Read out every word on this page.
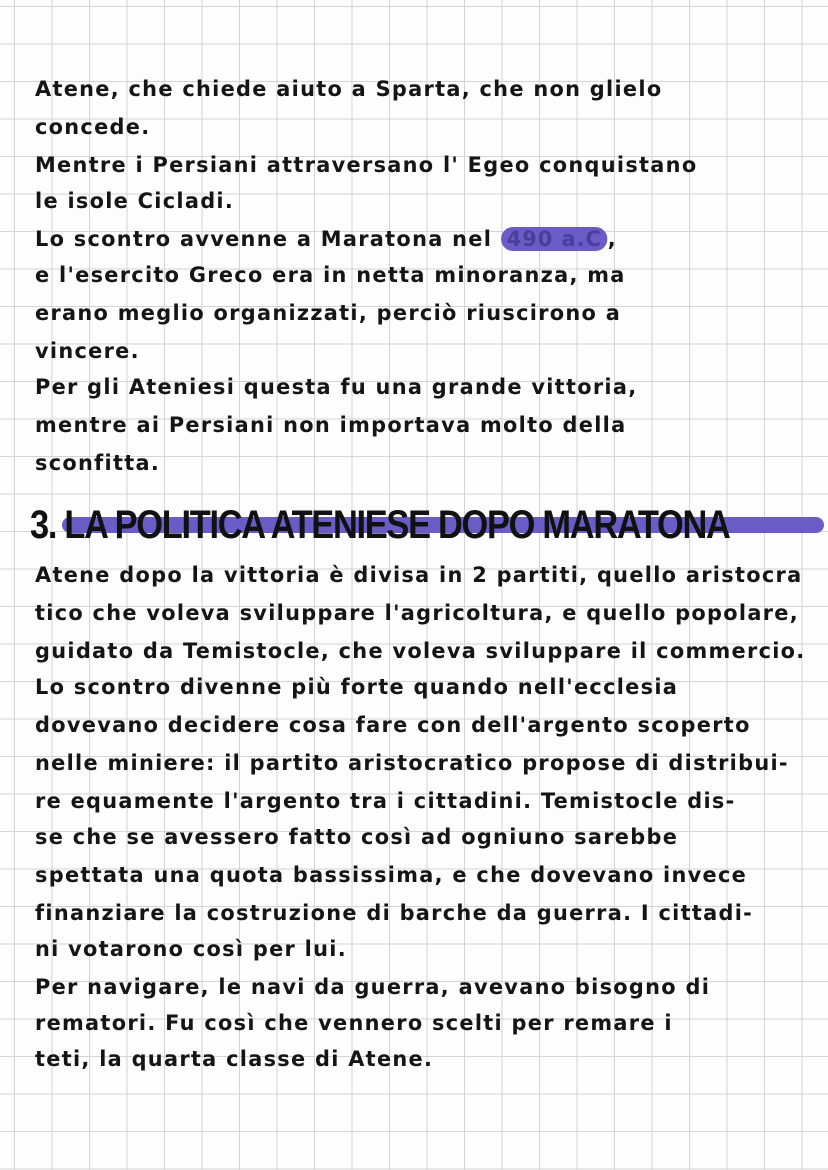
Atene, che chiede aiuto a Sparta, che non glielo
concede.
Mentre i Persiani attraversano l' Egeo conquistano
le isole Cicladi.
Lo scontro avvenne a Maratona nel 490 a.C ,
e l'esercito Greco era in netta minoranza, ma
erano meglio organizzati, perciò riuscirono a
vincere.
Per gli Ateniesi questa fu una grande vittoria,
mentre ai Persiani non importava molto della
sconfitta.
3. LA POLITICA ATENIESE DOPO MARATONA
Atene dopo la vittoria è divisa in 2 partiti, quello aristocra
tico che voleva sviluppare l'agricoltura, e quello popolare,
guidato da Temistocle, che voleva sviluppare il commercio.
Lo scontro divenne più forte quando nell'ecclesia
dovevano decidere cosa fare con dell'argento scoperto
nelle miniere: il partito aristocratico propose di distribui-
re equamente l'argento tra i cittadini. Temistocle dis-
se che se avessero fatto così ad ogniuno sarebbe
spettata una quota bassissima, e che dovevano invece
finanziare la costruzione di barche da guerra. I cittadi-
ni votarono così per lui.
Per navigare, le navi da guerra, avevano bisogno di
rematori. Fu così che vennero scelti per remare i
teti, la quarta classe di Atene.
